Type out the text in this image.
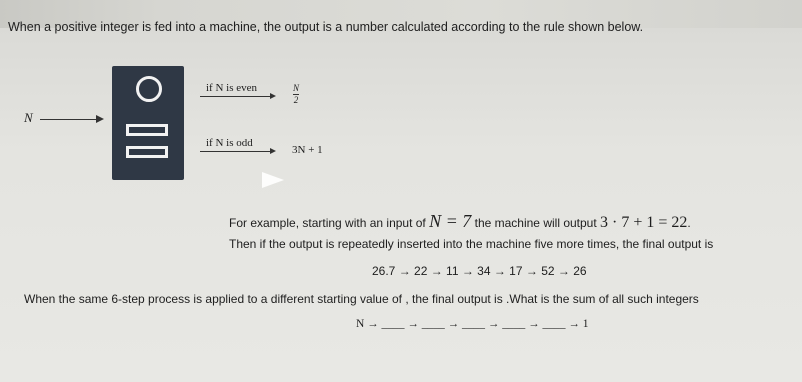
When a positive integer is fed into a machine, the output is a number calculated according to the rule shown below.
N
if N is even	N
2
if N is odd
3N + 1
For example, starting with an input of N = 7 the machine will output 3 · 7 + 1 = 22.
Then if the output is repeatedly inserted into the machine five more times, the final output is
26.7 → 22 → 11 → 34 → 17 → 52 → 26
When the same 6-step process is applied to a different starting value of , the final output is .What is the sum of all such integers
N → ____ → ____ → ____ → ____ → ____ → 1
